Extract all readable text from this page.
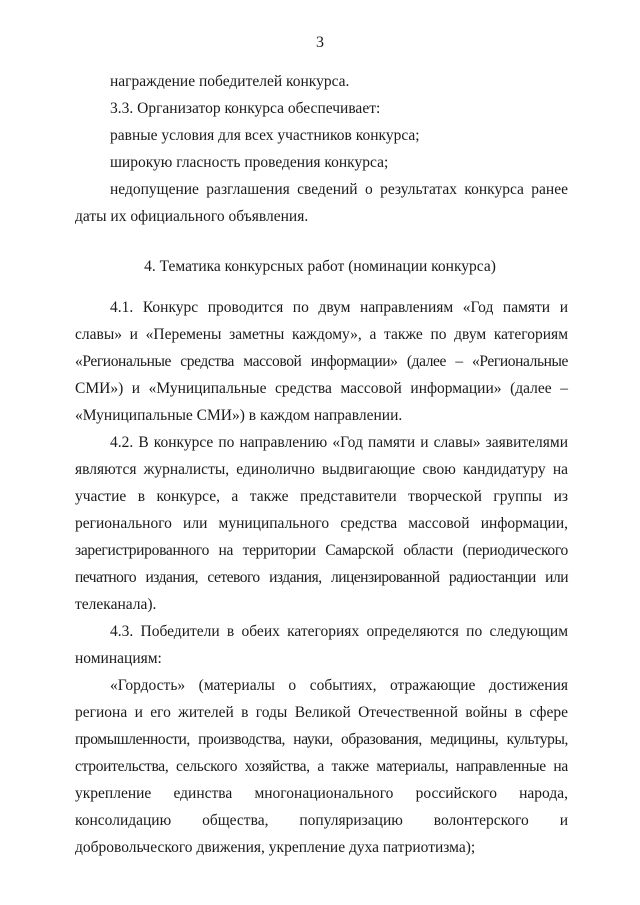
3
награждение победителей конкурса.
3.3. Организатор конкурса обеспечивает:
равные условия для всех участников конкурса;
широкую гласность проведения конкурса;
недопущение разглашения сведений о результатах конкурса ранее
даты их официального объявления.
4. Тематика конкурсных работ (номинации конкурса)
4.1. Конкурс проводится по двум направлениям «Год памяти и
славы» и «Перемены заметны каждому», а также по двум категориям
«Региональные средства массовой информации» (далее – «Региональные
СМИ») и «Муниципальные средства массовой информации» (далее –
«Муниципальные СМИ») в каждом направлении.
4.2. В конкурсе по направлению «Год памяти и славы» заявителями
являются журналисты, единолично выдвигающие свою кандидатуру на
участие в конкурсе, а также представители творческой группы из
регионального или муниципального средства массовой информации,
зарегистрированного на территории Самарской области (периодического
печатного издания, сетевого издания, лицензированной радиостанции или
телеканала).
4.3. Победители в обеих категориях определяются по следующим
номинациям:
«Гордость» (материалы о событиях, отражающие достижения
региона и его жителей в годы Великой Отечественной войны в сфере
промышленности, производства, науки, образования, медицины, культуры,
строительства, сельского хозяйства, а также материалы, направленные на
укрепление единства многонационального российского народа,
консолидацию общества, популяризацию волонтерского и
добровольческого движения, укрепление духа патриотизма);
